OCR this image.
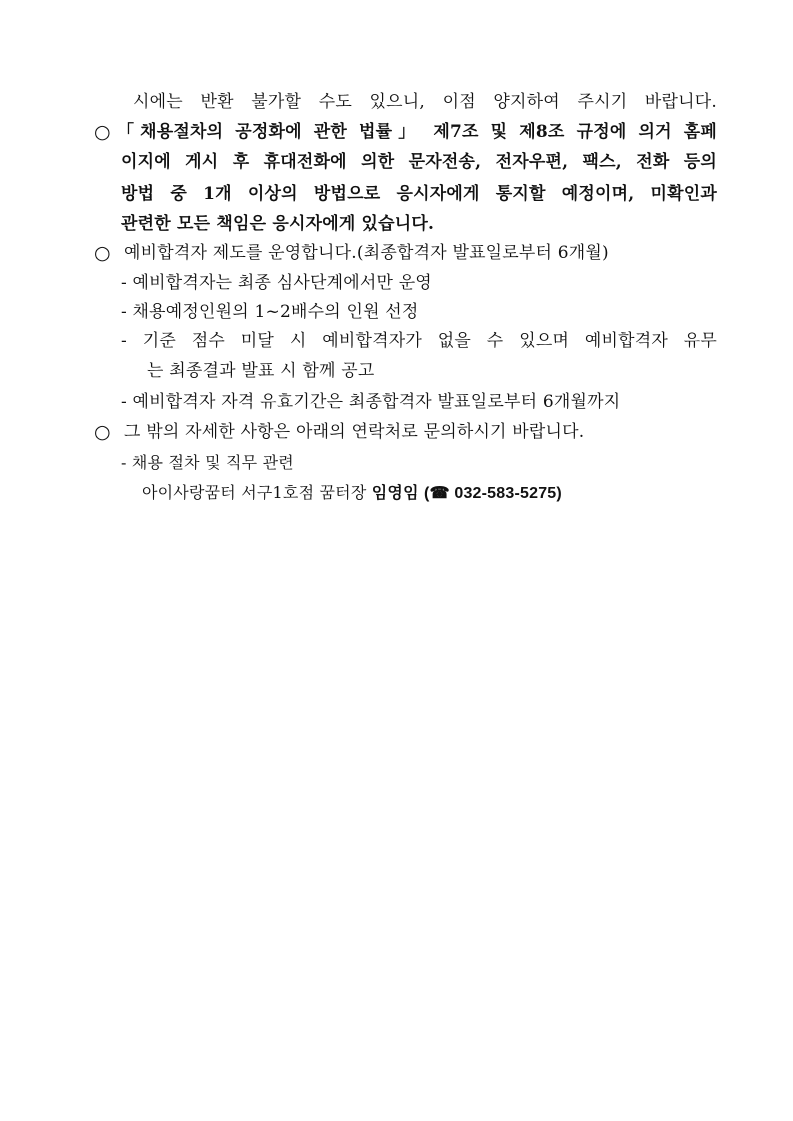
시에는 반환 불가할 수도 있으니, 이점 양지하여 주시기 바랍니다.
○ 「채용절차의 공정화에 관한 법률」 제7조 및 제8조 규정에 의거 홈페
이지에 게시 후 휴대전화에 의한 문자전송, 전자우편, 팩스, 전화 등의
방법 중 1개 이상의 방법으로 응시자에게 통지할 예정이며, 미확인과
관련한 모든 책임은 응시자에게 있습니다.
○ 예비합격자 제도를 운영합니다.(최종합격자 발표일로부터 6개월)
- 예비합격자는 최종 심사단계에서만 운영
- 채용예정인원의 1~2배수의 인원 선정
- 기준 점수 미달 시 예비합격자가 없을 수 있으며 예비합격자 유무
는 최종결과 발표 시 함께 공고
- 예비합격자 자격 유효기간은 최종합격자 발표일로부터 6개월까지
○ 그 밖의 자세한 사항은 아래의 연락처로 문의하시기 바랍니다.
- 채용 절차 및 직무 관련
아이사랑꿈터 서구1호점 꿈터장 임영임 (☎ 032-583-5275)
